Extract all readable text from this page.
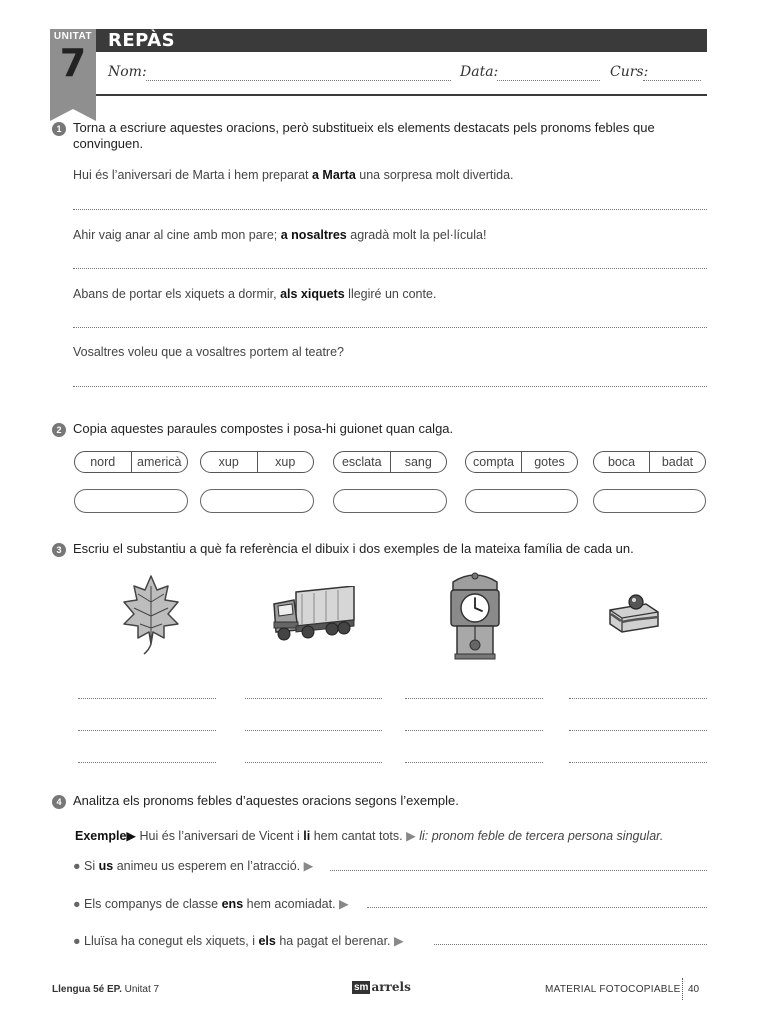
UNITAT
7
REPÀS
Nom:	Data:	Curs:
1 Torna a escriure aquestes oracions, però substitueix els elements destacats pels pronoms febles que convinguen.
Hui és l’aniversari de Marta i hem preparat a Marta una sorpresa molt divertida.
Ahir vaig anar al cine amb mon pare; a nosaltres agradà molt la pel·lícula!
Abans de portar els xiquets a dormir, als xiquets llegiré un conte.
Vosaltres voleu que a vosaltres portem al teatre?
2 Copia aquestes paraules compostes i posa-hi guionet quan calga.
nord	americà	xup	xup	esclata	sang	compta	gotes	boca	badat
3 Escriu el substantiu a què fa referència el dibuix i dos exemples de la mateixa família de cada un.
4 Analitza els pronoms febles d’aquestes oracions segons l’exemple.
Exemple▶ Hui és l’aniversari de Vicent i li hem cantat tots. ▶ li: pronom feble de tercera persona singular.
● Si us animeu us esperem en l’atracció. ▶
● Els companys de classe ens hem acomiadat. ▶
● Lluïsa ha conegut els xiquets, i els ha pagat el berenar. ▶
Llengua 5é EP. Unitat 7	sm arrels	MATERIAL FOTOCOPIABLE 40
